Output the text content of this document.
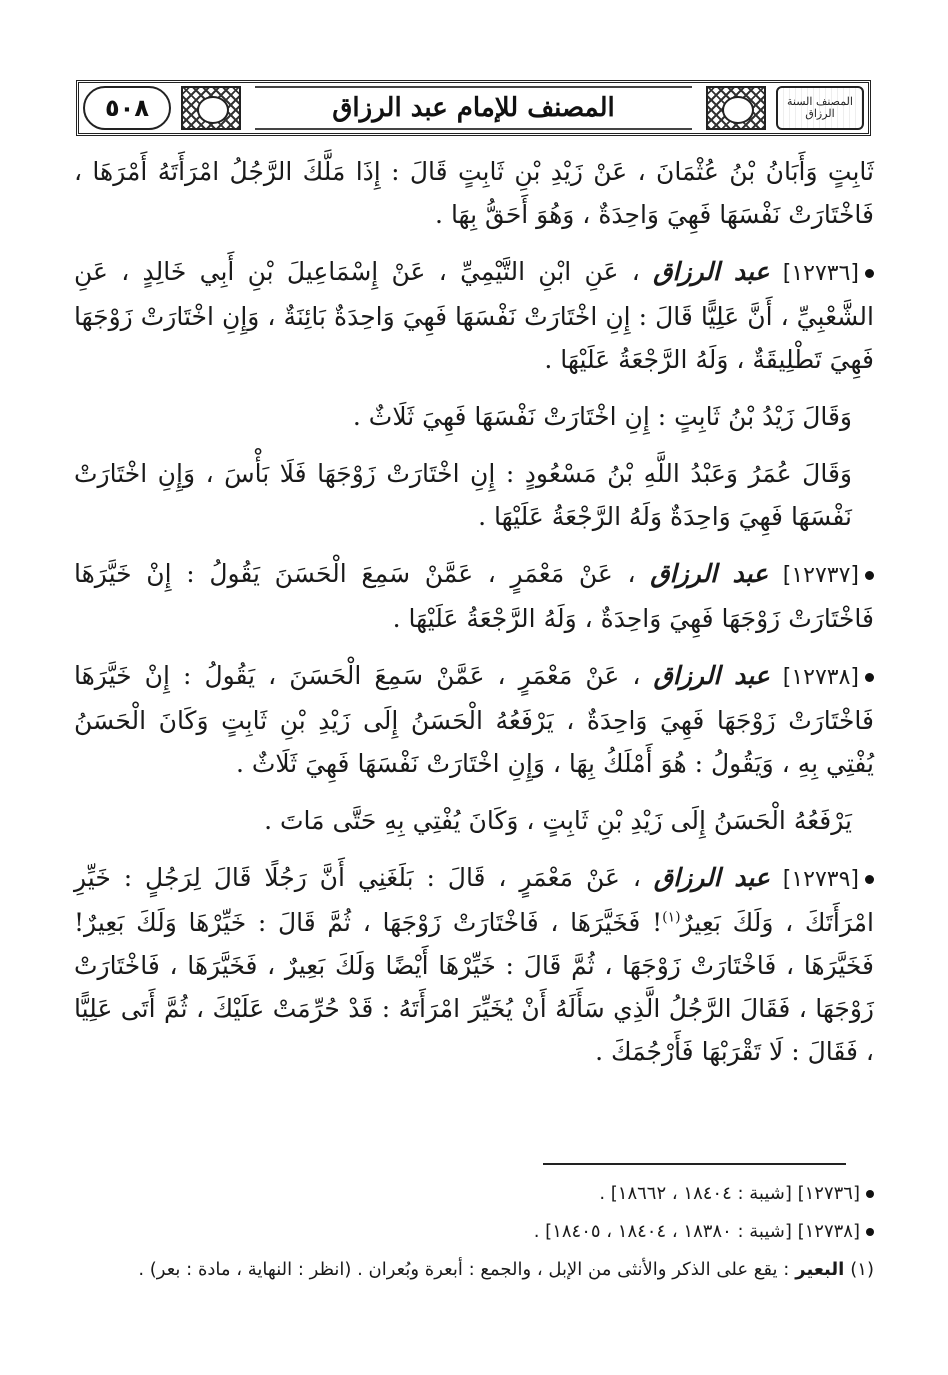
٥٠٨	المصنف للإمام عبد الرزاق	المصنف السنة الرزاق

ثَابِتٍ وَأَبَانُ بْنُ عُثْمَانَ ، عَنْ زَيْدِ بْنِ ثَابِتٍ قَالَ : إِذَا مَلَّكَ الرَّجُلُ امْرَأَتَهُ أَمْرَهَا ، فَاخْتَارَتْ نَفْسَهَا فَهِيَ وَاحِدَةٌ ، وَهُوَ أَحَقُّ بِهَا .

[١٢٧٣٦] عبد الرزاق ، عَنِ ابْنِ التَّيْمِيِّ ، عَنْ إِسْمَاعِيلَ بْنِ أَبِي خَالِدٍ ، عَنِ الشَّعْبِيِّ ، أَنَّ عَلِيًّا قَالَ : إِنِ اخْتَارَتْ نَفْسَهَا فَهِيَ وَاحِدَةٌ بَائِنَةٌ ، وَإِنِ اخْتَارَتْ زَوْجَهَا فَهِيَ تَطْلِيقَةٌ ، وَلَهُ الرَّجْعَةُ عَلَيْهَا .

وَقَالَ زَيْدُ بْنُ ثَابِتٍ : إِنِ اخْتَارَتْ نَفْسَهَا فَهِيَ ثَلَاثٌ .

وَقَالَ عُمَرُ وَعَبْدُ اللَّهِ بْنُ مَسْعُودٍ : إِنِ اخْتَارَتْ زَوْجَهَا فَلَا بَأْسَ ، وَإِنِ اخْتَارَتْ نَفْسَهَا فَهِيَ وَاحِدَةٌ وَلَهُ الرَّجْعَةُ عَلَيْهَا .

[١٢٧٣٧] عبد الرزاق ، عَنْ مَعْمَرٍ ، عَمَّنْ سَمِعَ الْحَسَنَ يَقُولُ : إِنْ خَيَّرَهَا فَاخْتَارَتْ زَوْجَهَا فَهِيَ وَاحِدَةٌ ، وَلَهُ الرَّجْعَةُ عَلَيْهَا .

[١٢٧٣٨] عبد الرزاق ، عَنْ مَعْمَرٍ ، عَمَّنْ سَمِعَ الْحَسَنَ ، يَقُولُ : إِنْ خَيَّرَهَا فَاخْتَارَتْ زَوْجَهَا فَهِيَ وَاحِدَةٌ ، يَرْفَعُهُ الْحَسَنُ إِلَى زَيْدِ بْنِ ثَابِتٍ وَكَانَ الْحَسَنُ يُفْتِي بِهِ ، وَيَقُولُ : هُوَ أَمْلَكُ بِهَا ، وَإِنِ اخْتَارَتْ نَفْسَهَا فَهِيَ ثَلَاثٌ .

يَرْفَعُهُ الْحَسَنُ إِلَى زَيْدِ بْنِ ثَابِتٍ ، وَكَانَ يُفْتِي بِهِ حَتَّى مَاتَ .

[١٢٧٣٩] عبد الرزاق ، عَنْ مَعْمَرٍ ، قَالَ : بَلَغَنِي أَنَّ رَجُلًا قَالَ لِرَجُلٍ : خَيِّرِ امْرَأَتَكَ ، وَلَكَ بَعِيرٌ$^{(١)}$! فَخَيَّرَهَا ، فَاخْتَارَتْ زَوْجَهَا ، ثُمَّ قَالَ : خَيِّرْهَا وَلَكَ بَعِيرٌ! فَخَيَّرَهَا ، فَاخْتَارَتْ زَوْجَهَا ، ثُمَّ قَالَ : خَيِّرْهَا أَيْضًا وَلَكَ بَعِيرٌ ، فَخَيَّرَهَا ، فَاخْتَارَتْ زَوْجَهَا ، فَقَالَ الرَّجُلُ الَّذِي سَأَلَهُ أَنْ يُخَيِّرَ امْرَأَتَهُ : قَدْ حُرِّمَتْ عَلَيْكَ ، ثُمَّ أَتَى عَلِيًّا ، فَقَالَ : لَا تَقْرَبْهَا فَأَرْجُمَكَ .

[١٢٧٣٦] [شيبة : ١٨٤٠٤ ، ١٨٦٦٢] .
[١٢٧٣٨] [شيبة : ١٨٣٨٠ ، ١٨٤٠٤ ، ١٨٤٠٥] .
(١)
البعير
: يقع على الذكر والأنثى من الإبل ، والجمع : أبعرة وبُعران . (انظر : النهاية ، مادة : بعر) .
